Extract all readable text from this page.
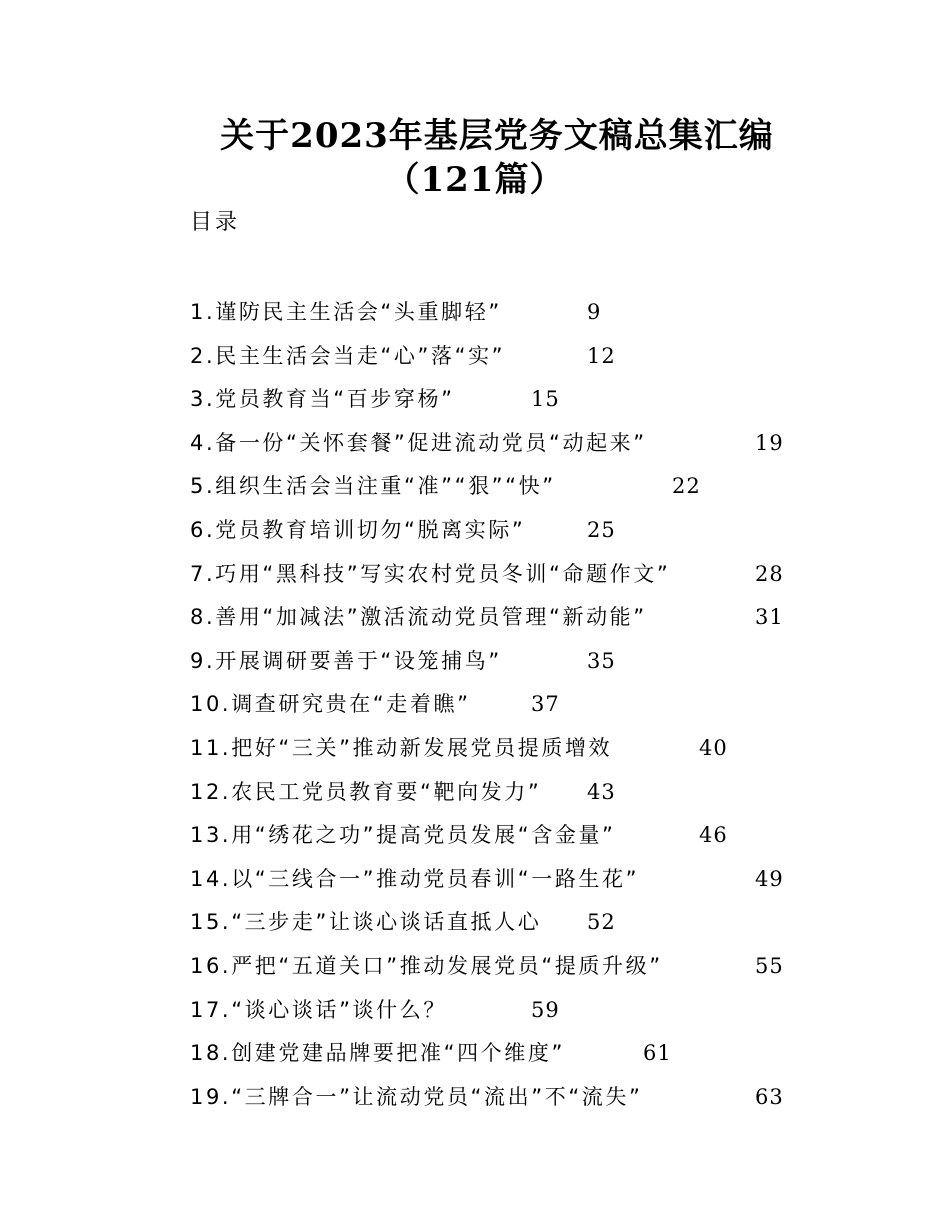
关于2023年基层党务文稿总集汇编
（121篇）
目录
1.谨防民主生活会“头重脚轻”	9
2.民主生活会当走“心”落“实”	12
3.党员教育当“百步穿杨”	15
4.备一份“关怀套餐”促进流动党员“动起来”	19
5.组织生活会当注重“准”“狠”“快”	22
6.党员教育培训切勿“脱离实际”	25
7.巧用“黑科技”写实农村党员冬训“命题作文”	28
8.善用“加减法”激活流动党员管理“新动能”	31
9.开展调研要善于“设笼捕鸟”	35
10.调查研究贵在“走着瞧”	37
11.把好“三关”推动新发展党员提质增效	40
12.农民工党员教育要“靶向发力” 43
13.用“绣花之功”提高党员发展“含金量”	46
14.以“三线合一”推动党员春训“一路生花”	49
15.“三步走”让谈心谈话直抵人心 52
16.严把“五道关口”推动发展党员“提质升级”	55
17.“谈心谈话”谈什么？	59
18.创建党建品牌要把准“四个维度”	61
19.“三牌合一”让流动党员“流出”不“流失”	63
